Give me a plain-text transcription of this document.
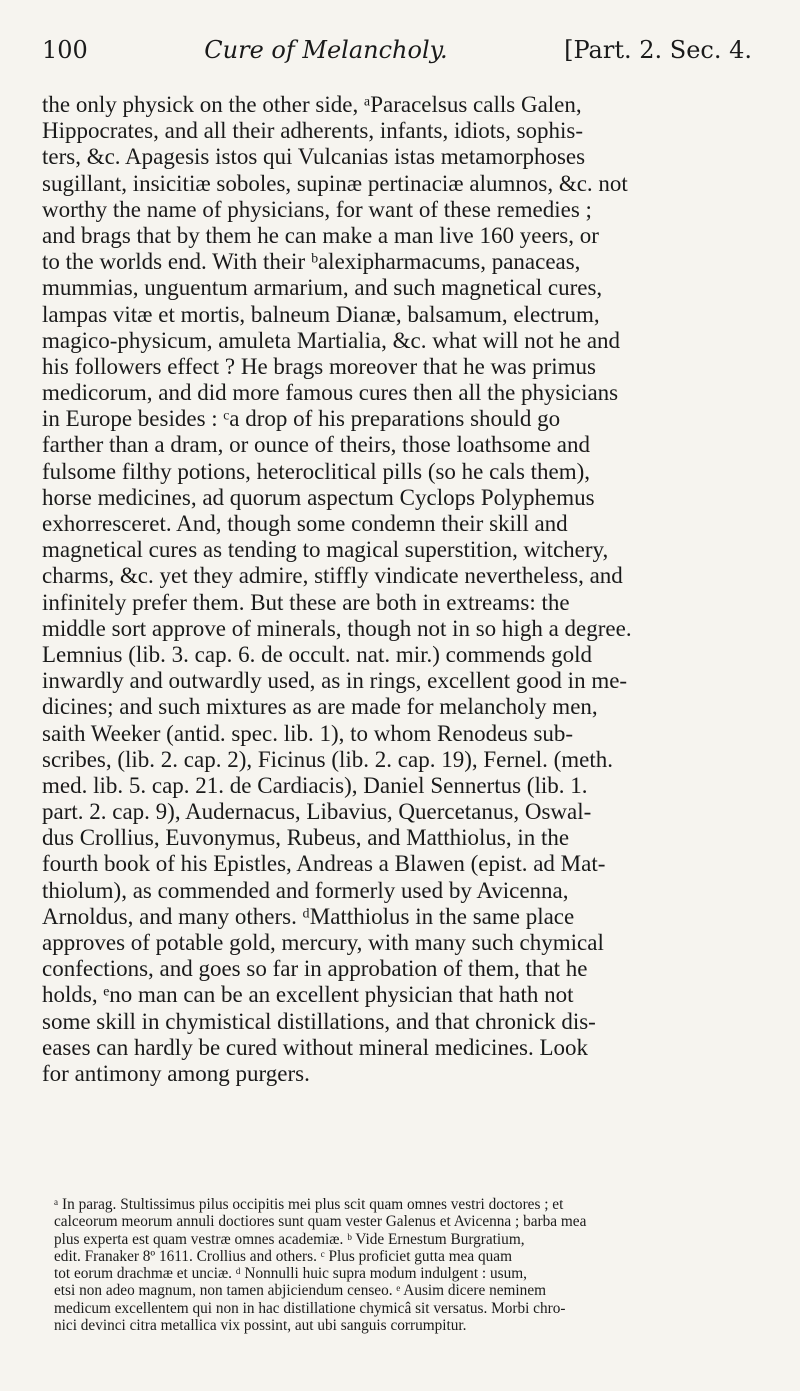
100	Cure of Melancholy.	[Part. 2. Sec. 4.
the only physick on the other side, ᵃParacelsus calls Galen,
Hippocrates, and all their adherents, infants, idiots, sophis-
ters, &c. Apagesis istos qui Vulcanias istas metamorphoses
sugillant, insicitiæ soboles, supinæ pertinaciæ alumnos, &c. not
worthy the name of physicians, for want of these remedies ;
and brags that by them he can make a man live 160 yeers, or
to the worlds end. With their ᵇalexipharmacums, panaceas,
mummias, unguentum armarium, and such magnetical cures,
lampas vitæ et mortis, balneum Dianæ, balsamum, electrum,
magico-physicum, amuleta Martialia, &c. what will not he and
his followers effect ? He brags moreover that he was primus
medicorum, and did more famous cures then all the physicians
in Europe besides : ᶜa drop of his preparations should go
farther than a dram, or ounce of theirs, those loathsome and
fulsome filthy potions, heteroclitical pills (so he cals them),
horse medicines, ad quorum aspectum Cyclops Polyphemus
exhorresceret. And, though some condemn their skill and
magnetical cures as tending to magical superstition, witchery,
charms, &c. yet they admire, stiffly vindicate nevertheless, and
infinitely prefer them. But these are both in extreams: the
middle sort approve of minerals, though not in so high a degree.
Lemnius (lib. 3. cap. 6. de occult. nat. mir.) commends gold
inwardly and outwardly used, as in rings, excellent good in me-
dicines; and such mixtures as are made for melancholy men,
saith Weeker (antid. spec. lib. 1), to whom Renodeus sub-
scribes, (lib. 2. cap. 2), Ficinus (lib. 2. cap. 19), Fernel. (meth.
med. lib. 5. cap. 21. de Cardiacis), Daniel Sennertus (lib. 1.
part. 2. cap. 9), Audernacus, Libavius, Quercetanus, Oswal-
dus Crollius, Euvonymus, Rubeus, and Matthiolus, in the
fourth book of his Epistles, Andreas a Blawen (epist. ad Mat-
thiolum), as commended and formerly used by Avicenna,
Arnoldus, and many others. ᵈMatthiolus in the same place
approves of potable gold, mercury, with many such chymical
confections, and goes so far in approbation of them, that he
holds, ᵉno man can be an excellent physician that hath not
some skill in chymistical distillations, and that chronick dis-
eases can hardly be cured without mineral medicines. Look
for antimony among purgers.
ᵃ In parag. Stultissimus pilus occipitis mei plus scit quam omnes vestri doctores ; et
calceorum meorum annuli doctiores sunt quam vester Galenus et Avicenna ; barba mea
plus experta est quam vestræ omnes academiæ. ᵇ Vide Ernestum Burgratium,
edit. Franaker 8º 1611. Crollius and others. ᶜ Plus proficiet gutta mea quam
tot eorum drachmæ et unciæ. ᵈ Nonnulli huic supra modum indulgent : usum,
etsi non adeo magnum, non tamen abjiciendum censeo. ᵉ Ausim dicere neminem
medicum excellentem qui non in hac distillatione chymicâ sit versatus. Morbi chro-
nici devinci citra metallica vix possint, aut ubi sanguis corrumpitur.
